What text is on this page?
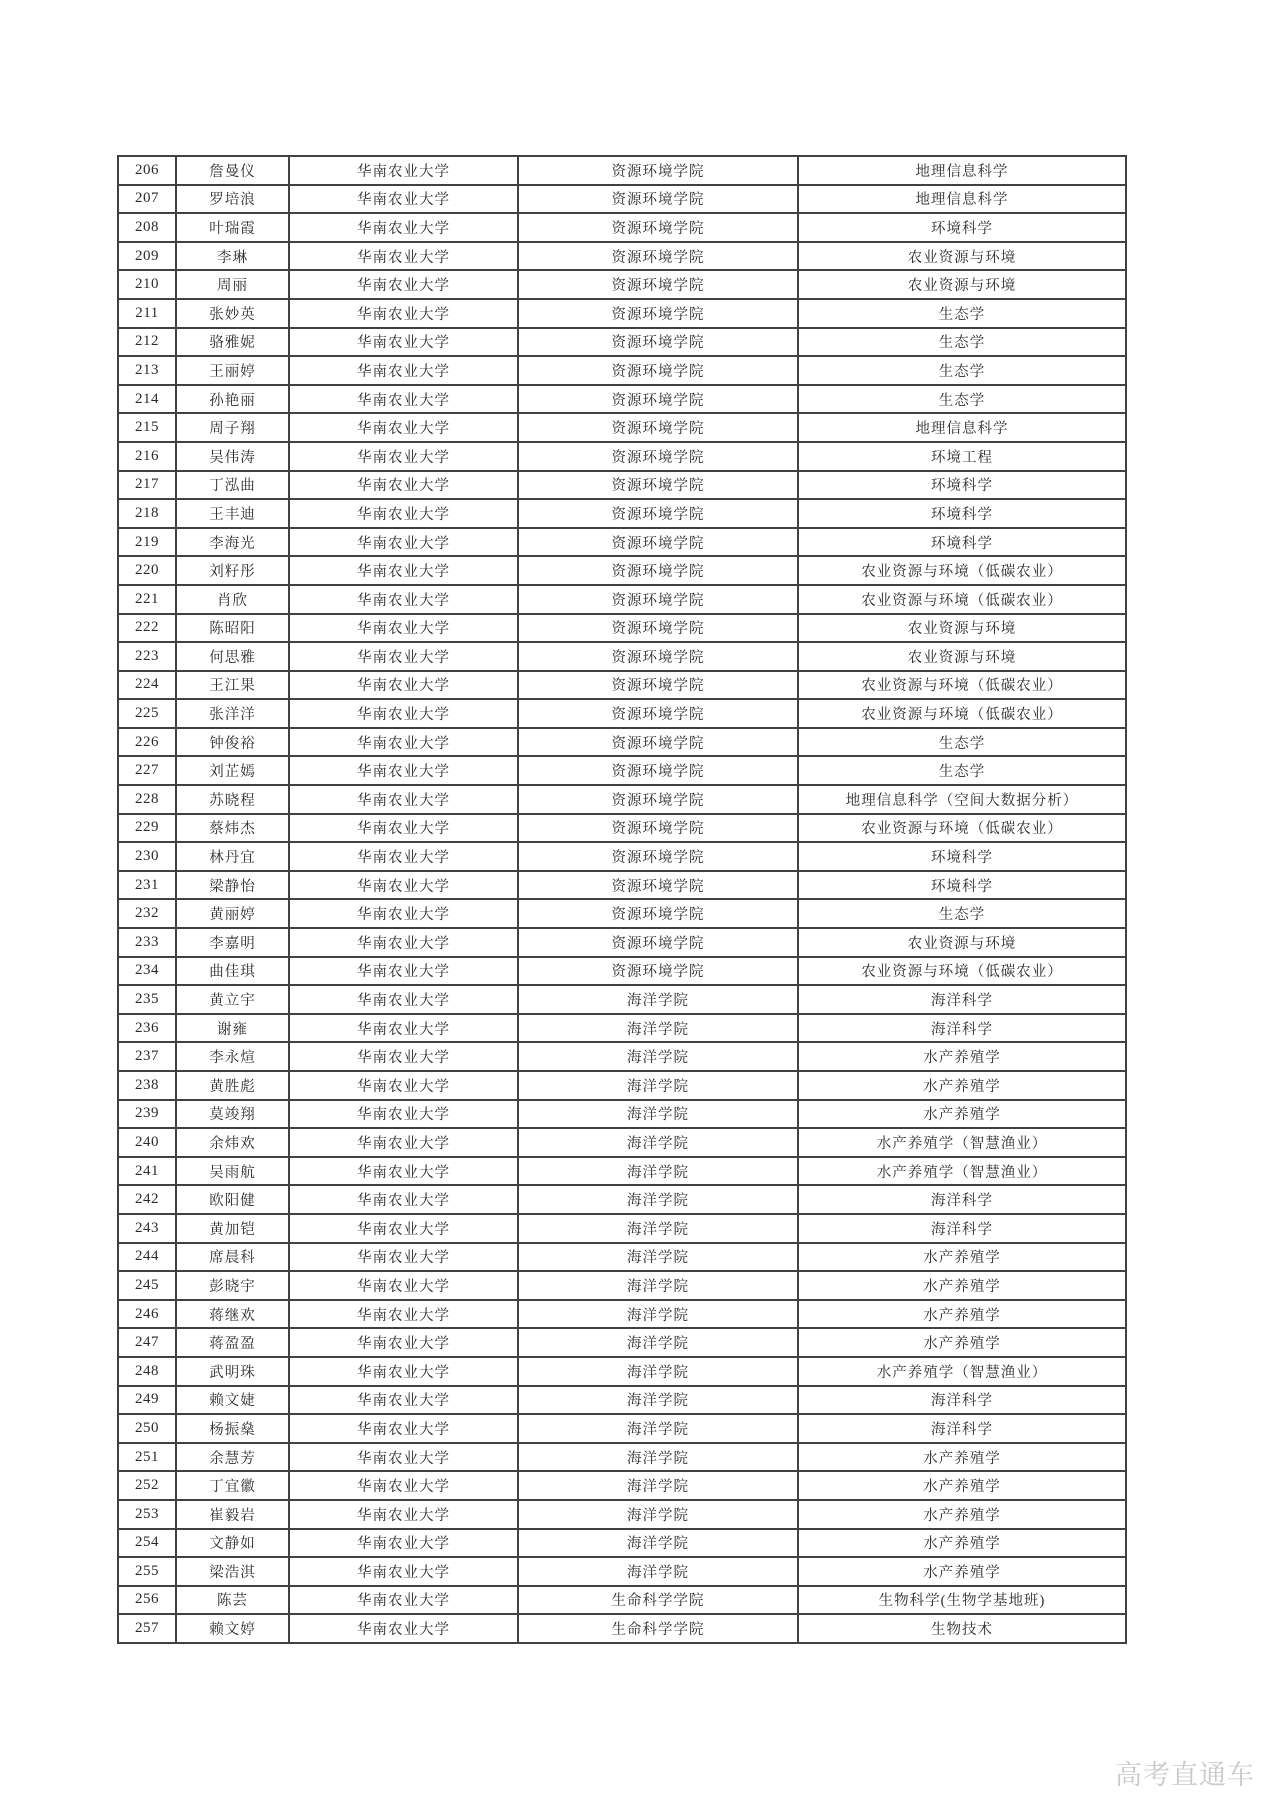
206	詹曼仪	华南农业大学	资源环境学院	地理信息科学
207	罗培浪	华南农业大学	资源环境学院	地理信息科学
208	叶瑞霞	华南农业大学	资源环境学院	环境科学
209	李琳	华南农业大学	资源环境学院	农业资源与环境
210	周丽	华南农业大学	资源环境学院	农业资源与环境
211	张妙英	华南农业大学	资源环境学院	生态学
212	骆雅妮	华南农业大学	资源环境学院	生态学
213	王丽婷	华南农业大学	资源环境学院	生态学
214	孙艳丽	华南农业大学	资源环境学院	生态学
215	周子翔	华南农业大学	资源环境学院	地理信息科学
216	吴伟涛	华南农业大学	资源环境学院	环境工程
217	丁泓曲	华南农业大学	资源环境学院	环境科学
218	王丰迪	华南农业大学	资源环境学院	环境科学
219	李海光	华南农业大学	资源环境学院	环境科学
220	刘籽彤	华南农业大学	资源环境学院	农业资源与环境（低碳农业）
221	肖欣	华南农业大学	资源环境学院	农业资源与环境（低碳农业）
222	陈昭阳	华南农业大学	资源环境学院	农业资源与环境
223	何思雅	华南农业大学	资源环境学院	农业资源与环境
224	王江果	华南农业大学	资源环境学院	农业资源与环境（低碳农业）
225	张洋洋	华南农业大学	资源环境学院	农业资源与环境（低碳农业）
226	钟俊裕	华南农业大学	资源环境学院	生态学
227	刘芷嫣	华南农业大学	资源环境学院	生态学
228	苏晓程	华南农业大学	资源环境学院	地理信息科学（空间大数据分析）
229	蔡炜杰	华南农业大学	资源环境学院	农业资源与环境（低碳农业）
230	林丹宜	华南农业大学	资源环境学院	环境科学
231	梁静怡	华南农业大学	资源环境学院	环境科学
232	黄丽婷	华南农业大学	资源环境学院	生态学
233	李嘉明	华南农业大学	资源环境学院	农业资源与环境
234	曲佳琪	华南农业大学	资源环境学院	农业资源与环境（低碳农业）
235	黄立宇	华南农业大学	海洋学院	海洋科学
236	谢雍	华南农业大学	海洋学院	海洋科学
237	李永煊	华南农业大学	海洋学院	水产养殖学
238	黄胜彪	华南农业大学	海洋学院	水产养殖学
239	莫竣翔	华南农业大学	海洋学院	水产养殖学
240	余炜欢	华南农业大学	海洋学院	水产养殖学（智慧渔业）
241	吴雨航	华南农业大学	海洋学院	水产养殖学（智慧渔业）
242	欧阳健	华南农业大学	海洋学院	海洋科学
243	黄加铠	华南农业大学	海洋学院	海洋科学
244	席晨科	华南农业大学	海洋学院	水产养殖学
245	彭晓宇	华南农业大学	海洋学院	水产养殖学
246	蒋继欢	华南农业大学	海洋学院	水产养殖学
247	蒋盈盈	华南农业大学	海洋学院	水产养殖学
248	武明珠	华南农业大学	海洋学院	水产养殖学（智慧渔业）
249	赖文婕	华南农业大学	海洋学院	海洋科学
250	杨振燊	华南农业大学	海洋学院	海洋科学
251	余慧芳	华南农业大学	海洋学院	水产养殖学
252	丁宜徽	华南农业大学	海洋学院	水产养殖学
253	崔毅岩	华南农业大学	海洋学院	水产养殖学
254	文静如	华南农业大学	海洋学院	水产养殖学
255	梁浩淇	华南农业大学	海洋学院	水产养殖学
256	陈芸	华南农业大学	生命科学学院	生物科学(生物学基地班)
257	赖文婷	华南农业大学	生命科学学院	生物技术
高考直通车
